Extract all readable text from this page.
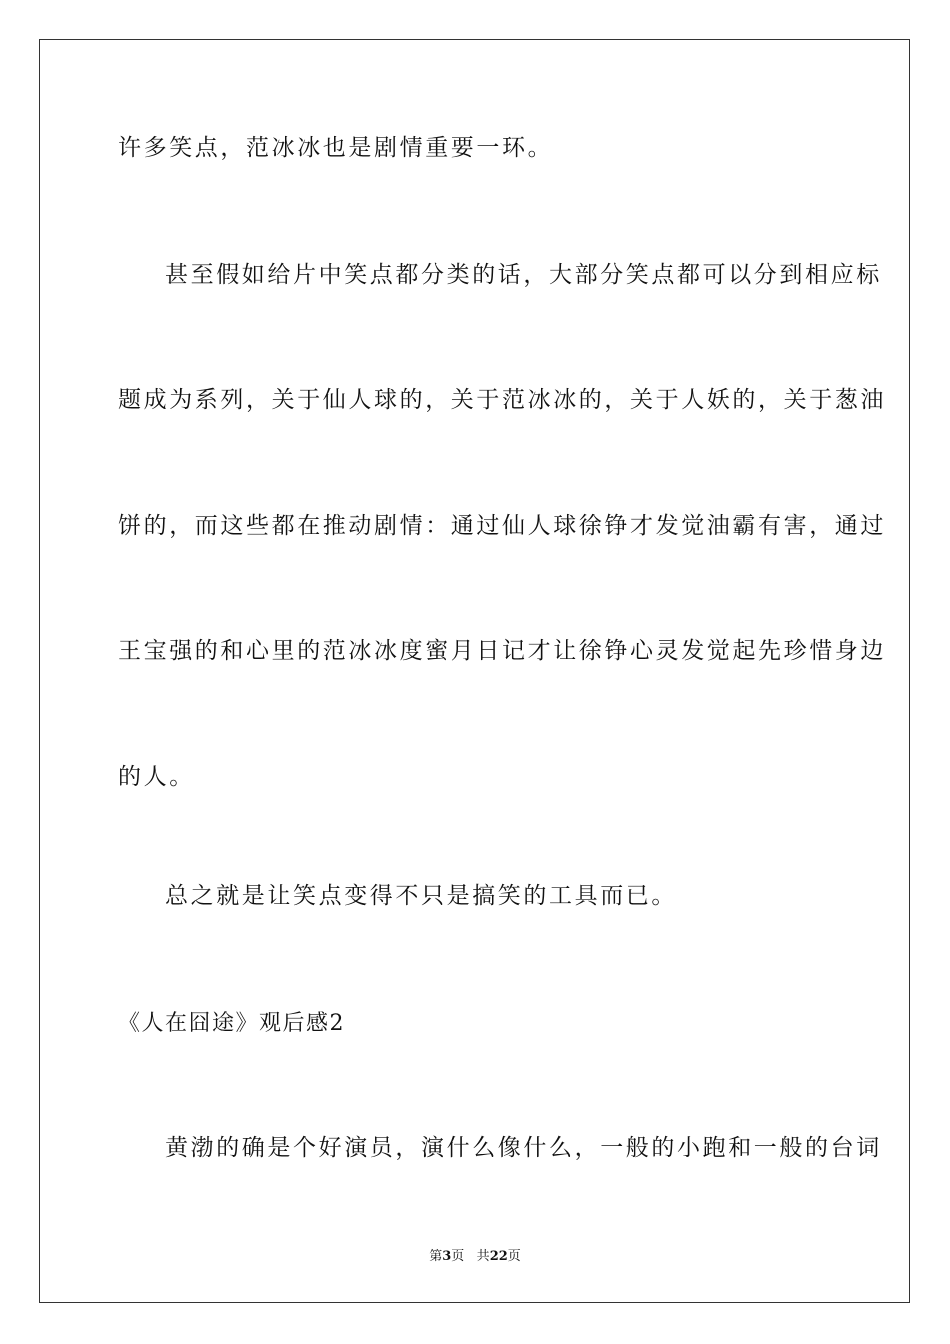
许多笑点，范冰冰也是剧情重要一环。
甚至假如给片中笑点都分类的话，大部分笑点都可以分到相应标
题成为系列，关于仙人球的，关于范冰冰的，关于人妖的，关于葱油
饼的，而这些都在推动剧情：通过仙人球徐铮才发觉油霸有害，通过
王宝强的和心里的范冰冰度蜜月日记才让徐铮心灵发觉起先珍惜身边
的人。
总之就是让笑点变得不只是搞笑的工具而已。
《人在囧途》观后感2
黄渤的确是个好演员，演什么像什么，一般的小跑和一般的台词
第3页 共22页
